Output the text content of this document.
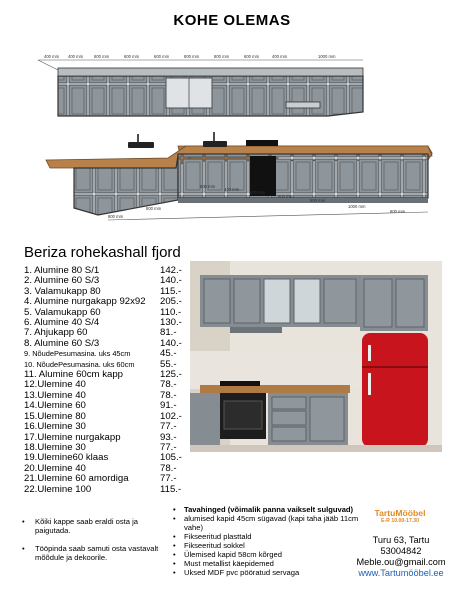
KOHE OLEMAS
400 mm 400 mm	600 mm	600 mm	600 mm	800 mm	800 mm	600 mm	400 mm	1000 mm
800 mm
800 mm
600 mm
400 mm
600 mm
600 mm
600 mm
1000 mm
800 mm
Beriza rohekashall fjord
1. Alumine 80 S/1	142.-
2. Alumine 60 S/3	140.-
3. Valamukapp 80	115.-
4. Alumine nurgakapp 92x92 205.-
5. Valamukapp 60	110.-
6. Alumine 40 S/4	130.-
7. Ahjukapp 60	81.-
8. Alumine 60 S/3	140.-
9. NõudePesumasina. uks 45cm	45.-
10. NõudePesumasina. uks 60cm	55.-
11. Alumine 60cm kapp	125.-
12.Ülemine 40	78.-
13.Ülemine 40	78.-
14.Ülemine 60	91.-
15.Ülemine 80	102.-
16.Ülemine 30	77.-
17.Ülemine nurgakapp	93.-
18.Ülemine 30	77.-
19.Ülemine60 klaas	105.-
20.Ülemine 40	78.-
21.Ülemine 60 amordiga	77.-
22.Ülemine 100	115.-
• Kõiki kappe saab eraldi osta ja paigutada.
• Tööpinda saab samuti osta vastavalt mõõdule ja dekoorile.
• Tavahinged (võimalik panna vaikselt sulguvad)
• alumised kapid 45cm sügavad (kapi taha jääb 11cm vahe)
• Fikseeritud plasttald
• Fikseeritud sokkel
• Ülemised kapid 58cm kõrged
• Must metallist käepidemed
• Uksed MDF pvc pööratud servaga
TartuMööbel
E-R 10.00-17.30
Turu 63, Tartu
53004842
Meble.ou@gmail.com
www.Tartumööbel.ee
